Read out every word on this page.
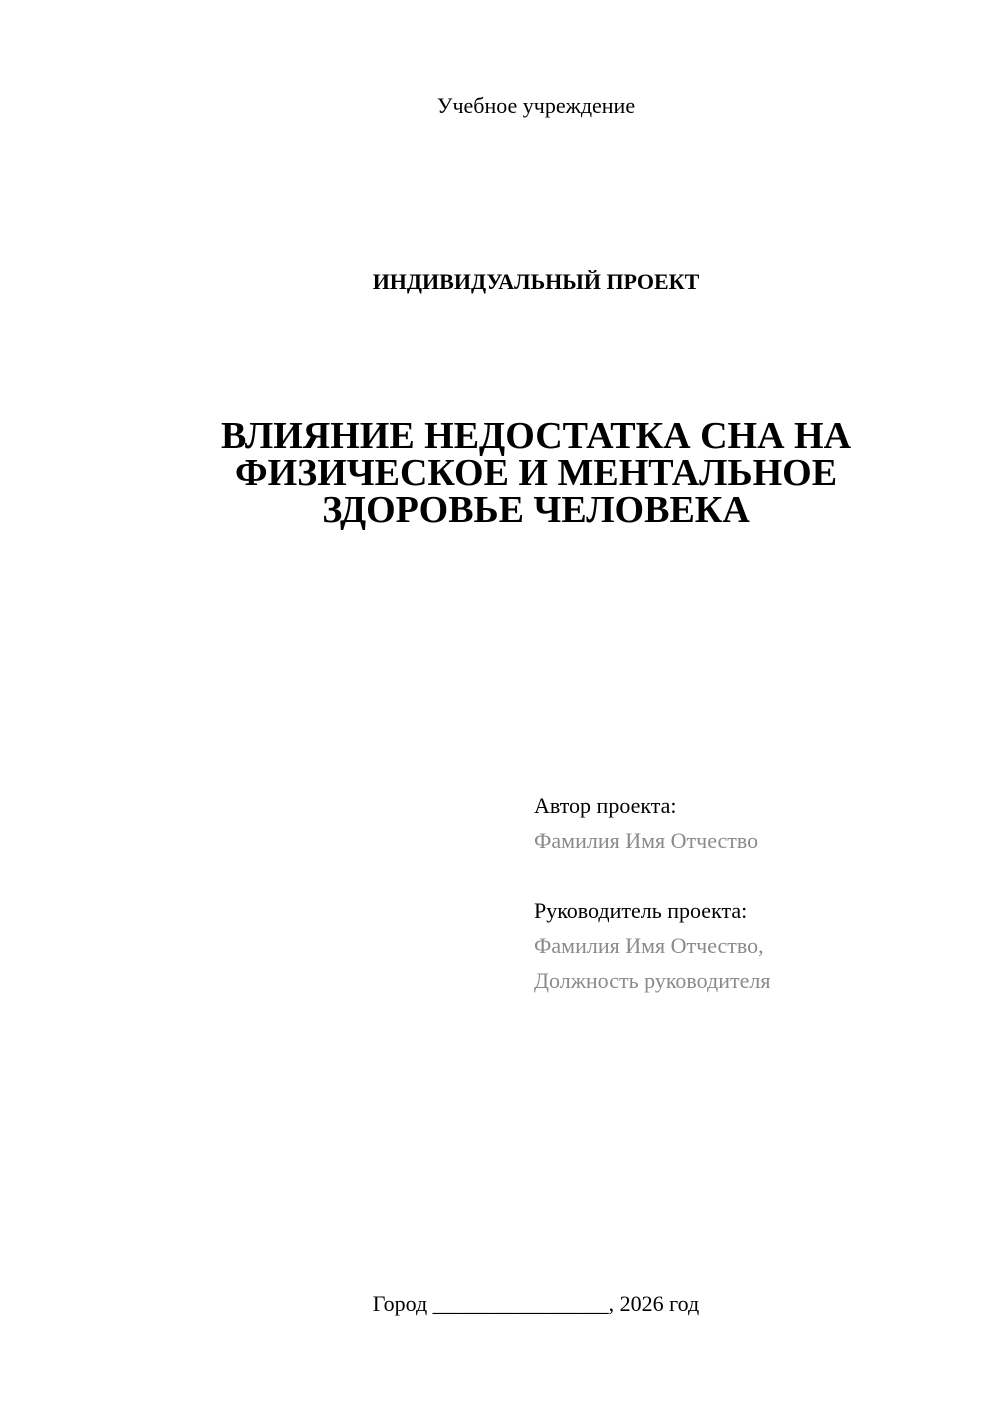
Учебное учреждение
ИНДИВИДУАЛЬНЫЙ ПРОЕКТ
ВЛИЯНИЕ НЕДОСТАТКА СНА НА
ФИЗИЧЕСКОЕ И МЕНТАЛЬНОЕ
ЗДОРОВЬЕ ЧЕЛОВЕКА
Автор проекта:
Фамилия Имя Отчество
Руководитель проекта:
Фамилия Имя Отчество,
Должность руководителя
Город ________________, 2026 год
